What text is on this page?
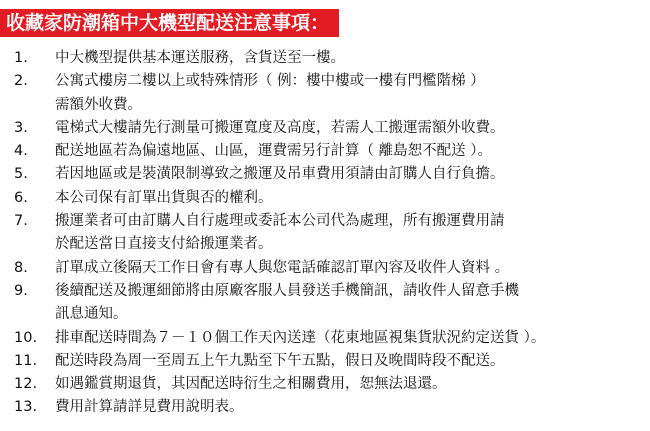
收藏家防潮箱中大機型配送注意事項：
1.	中大機型提供基本運送服務，含貨送至一樓。
2.	公寓式樓房二樓以上或特殊情形（ 例：樓中樓或一樓有門檻階梯 ）
需額外收費。
3.	電梯式大樓請先行測量可搬運寬度及高度，若需人工搬運需額外收費。
4.	配送地區若為偏遠地區、山區，運費需另行計算（ 離島恕不配送 ）。
5.	若因地區或是裝潢限制導致之搬運及吊車費用須請由訂購人自行負擔。
6.	本公司保有訂單出貨與否的權利。
7.	搬運業者可由訂購人自行處理或委託本公司代為處理，所有搬運費用請
於配送當日直接支付給搬運業者。
8.	訂單成立後隔天工作日會有專人與您電話確認訂單內容及收件人資料 。
9.	後續配送及搬運細節將由原廠客服人員發送手機簡訊，請收件人留意手機
訊息通知。
10.	排車配送時間為７－１０個工作天內送達（花東地區視集貨狀況約定送貨 ）。
11.	配送時段為周一至周五上午九點至下午五點，假日及晚間時段不配送。
12.	如遇鑑賞期退貨，其因配送時衍生之相關費用，恕無法退還。
13.	費用計算請詳見費用說明表。
